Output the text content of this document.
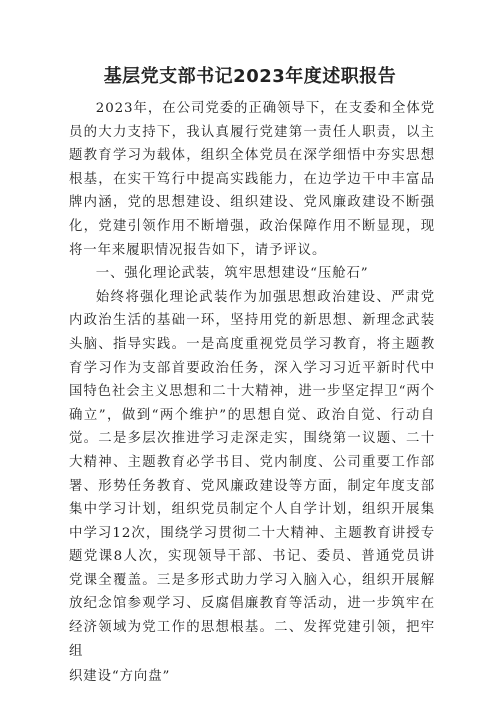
基层党支部书记2023年度述职报告

2023年，在公司党委的正确领导下，在支委和全体党员的大力支持下，我认真履行党建第一责任人职责，以主题教育学习为载体，组织全体党员在深学细悟中夯实思想根基，在实干笃行中提高实践能力，在边学边干中丰富品牌内涵，党的思想建设、组织建设、党风廉政建设不断强化，党建引领作用不断增强，政治保障作用不断显现，现将一年来履职情况报告如下，请予评议。

一、强化理论武装，筑牢思想建设“压舱石”

始终将强化理论武装作为加强思想政治建设、严肃党内政治生活的基础一环，坚持用党的新思想、新理念武装头脑、指导实践。一是高度重视党员学习教育，将主题教育学习作为支部首要政治任务，深入学习习近平新时代中国特色社会主义思想和二十大精神，进一步坚定捍卫“两个确立”，做到“两个维护”的思想自觉、政治自觉、行动自觉。二是多层次推进学习走深走实，围绕第一议题、二十大精神、主题教育必学书目、党内制度、公司重要工作部署、形势任务教育、党风廉政建设等方面，制定年度支部集中学习计划，组织党员制定个人自学计划，组织开展集中学习12次，围绕学习贯彻二十大精神、主题教育讲授专题党课8人次，实现领导干部、书记、委员、普通党员讲党课全覆盖。三是多形式助力学习入脑入心，组织开展解放纪念馆参观学习、反腐倡廉教育等活动，进一步筑牢在经济领域为党工作的思想根基。二、发挥党建引领，把牢组

织建设“方向盘”
